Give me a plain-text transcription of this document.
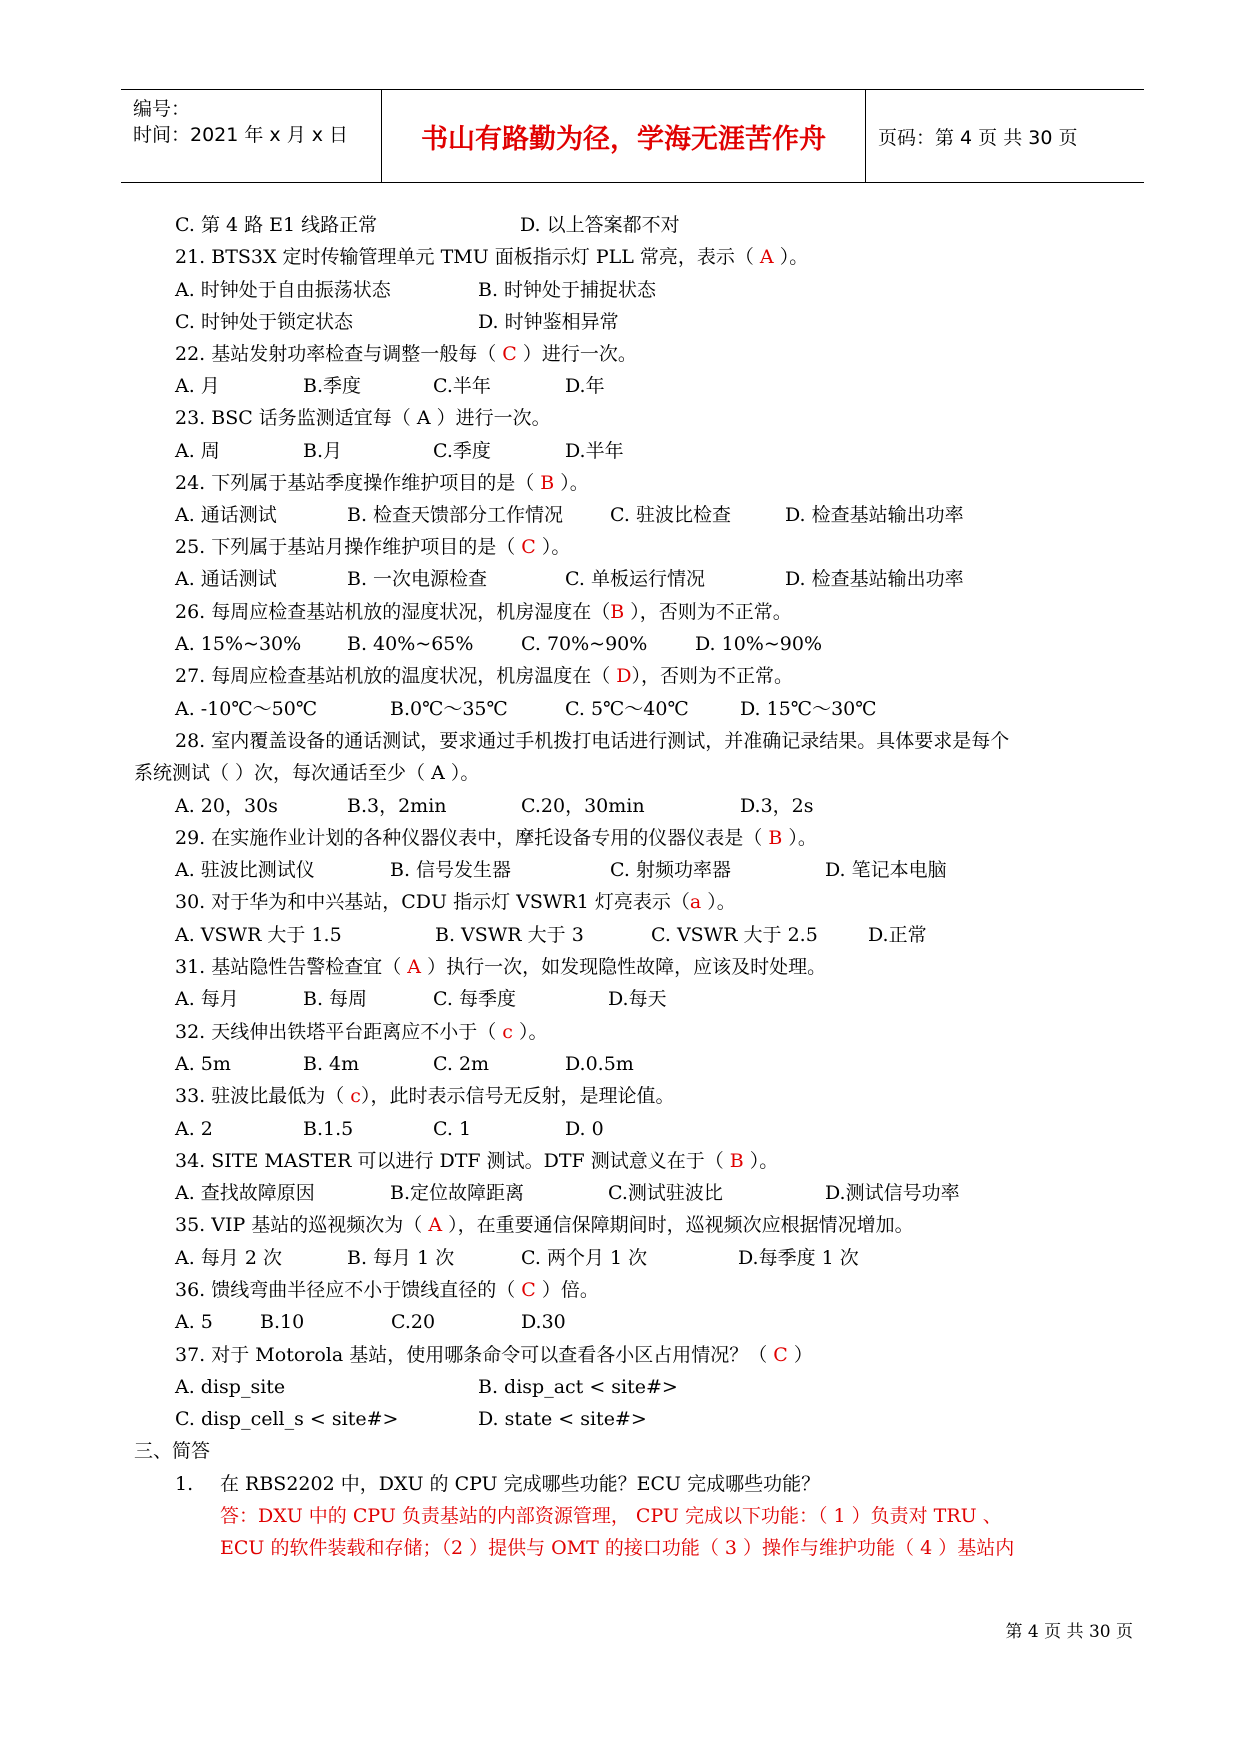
编号：
时间：2021 年 x 月 x 日	书山有路勤为径，学海无涯苦作舟	页码：第 4 页 共 30 页
C. 第 4 路 E1 线路正常	D. 以上答案都不对
21. BTS3X 定时传输管理单元 TMU 面板指示灯 PLL 常亮，表示（ A ）。
A. 时钟处于自由振荡状态	B. 时钟处于捕捉状态
C. 时钟处于锁定状态	D. 时钟鉴相异常
22. 基站发射功率检查与调整一般每（ C ）进行一次。
A. 月	B.季度	C.半年	D.年
23. BSC 话务监测适宜每（ A ）进行一次。
A. 周	B.月	C.季度	D.半年
24. 下列属于基站季度操作维护项目的是（ B ）。
A. 通话测试	B. 检查天馈部分工作情况 C. 驻波比检查	D. 检查基站输出功率
25. 下列属于基站月操作维护项目的是（ C ）。
A. 通话测试	B. 一次电源检查	C. 单板运行情况	D. 检查基站输出功率
26. 每周应检查基站机放的湿度状况，机房湿度在（B ），否则为不正常。
A. 15%~30% B. 40%~65%	C. 70%~90%	D. 10%~90%
27. 每周应检查基站机放的温度状况，机房温度在（ D），否则为不正常。
A. -10℃～50℃	B.0℃～35℃	C. 5℃～40℃	D. 15℃～30℃
28. 室内覆盖设备的通话测试，要求通过手机拨打电话进行测试，并准确记录结果。具体要求是每个
系统测试（ ）次，每次通话至少（ A ）。
A. 20，30s	B.3，2min	C.20，30min	D.3，2s
29. 在实施作业计划的各种仪器仪表中，摩托设备专用的仪器仪表是（ B ）。
A. 驻波比测试仪	B. 信号发生器	C. 射频功率器	D. 笔记本电脑
30. 对于华为和中兴基站，CDU 指示灯 VSWR1 灯亮表示（a ）。
A. VSWR 大于 1.5	B. VSWR 大于 3	C. VSWR 大于 2.5	D.正常
31. 基站隐性告警检查宜（ A ）执行一次，如发现隐性故障，应该及时处理。
A. 每月	B. 每周	C. 每季度	D.每天
32. 天线伸出铁塔平台距离应不小于（ c ）。
A. 5m	B. 4m	C. 2m	D.0.5m
33. 驻波比最低为（ c），此时表示信号无反射，是理论值。
A. 2	B.1.5	C. 1	D. 0
34. SITE MASTER 可以进行 DTF 测试。DTF 测试意义在于（ B ）。
A. 查找故障原因	B.定位故障距离	C.测试驻波比	D.测试信号功率
35. VIP 基站的巡视频次为（ A ），在重要通信保障期间时，巡视频次应根据情况增加。
A. 每月 2 次	B. 每月 1 次	C. 两个月 1 次	D.每季度 1 次
36. 馈线弯曲半径应不小于馈线直径的（ C ）倍。
A. 5 B.10	C.20	D.30
37. 对于 Motorola 基站，使用哪条命令可以查看各小区占用情况？（ C ）
A. disp_site	B. disp_act < site#>
C. disp_cell_s < site#>	D. state < site#>
三、简答
1. 在 RBS2202 中，DXU 的 CPU 完成哪些功能？ECU 完成哪些功能？
答：DXU 中的 CPU 负责基站的内部资源管理， CPU 完成以下功能：（ 1 ）负责对 TRU 、
ECU 的软件装载和存储；（2 ）提供与 OMT 的接口功能（ 3 ）操作与维护功能（ 4 ）基站内
第 4 页 共 30 页
